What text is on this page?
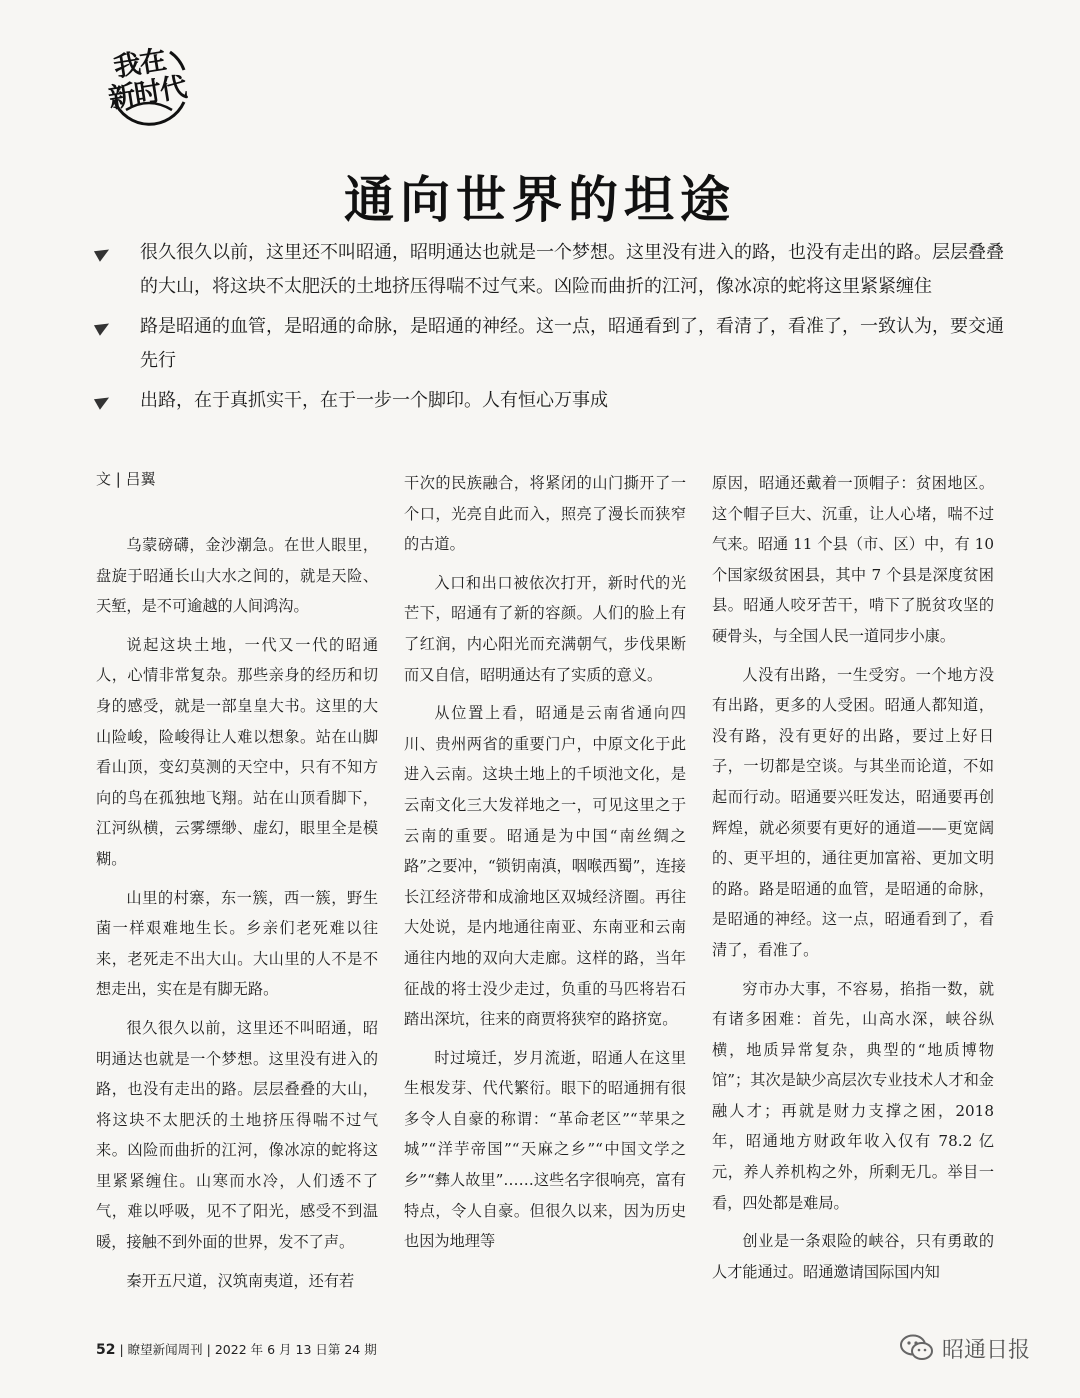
我在
新时代
通向世界的坦途
很久很久以前，这里还不叫昭通，昭明通达也就是一个梦想。这里没有进入的路，也没有走出的路。层层叠叠的大山，将这块不太肥沃的土地挤压得喘不过气来。凶险而曲折的江河，像冰凉的蛇将这里紧紧缠住
路是昭通的血管，是昭通的命脉，是昭通的神经。这一点，昭通看到了，看清了，看准了，一致认为，要交通先行
出路，在于真抓实干，在于一步一个脚印。人有恒心万事成
文 | 吕翼

乌蒙磅礴，金沙潮急。在世人眼里，盘旋于昭通长山大水之间的，就是天险、天堑，是不可逾越的人间鸿沟。

说起这块土地，一代又一代的昭通人，心情非常复杂。那些亲身的经历和切身的感受，就是一部皇皇大书。这里的大山险峻，险峻得让人难以想象。站在山脚看山顶，变幻莫测的天空中，只有不知方向的鸟在孤独地飞翔。站在山顶看脚下，江河纵横，云雾缥缈、虚幻，眼里全是模糊。

山里的村寨，东一簇，西一簇，野生菌一样艰难地生长。乡亲们老死难以往来，老死走不出大山。大山里的人不是不想走出，实在是有脚无路。

很久很久以前，这里还不叫昭通，昭明通达也就是一个梦想。这里没有进入的路，也没有走出的路。层层叠叠的大山，将这块不太肥沃的土地挤压得喘不过气来。凶险而曲折的江河，像冰凉的蛇将这里紧紧缠住。山寒而水冷，人们透不了气，难以呼吸，见不了阳光，感受不到温暖，接触不到外面的世界，发不了声。

秦开五尺道，汉筑南夷道，还有若

干次的民族融合，将紧闭的山门撕开了一个口，光亮自此而入，照亮了漫长而狭窄的古道。

入口和出口被依次打开，新时代的光芒下，昭通有了新的容颜。人们的脸上有了红润，内心阳光而充满朝气，步伐果断而又自信，昭明通达有了实质的意义。

从位置上看，昭通是云南省通向四川、贵州两省的重要门户，中原文化于此进入云南。这块土地上的千顷池文化，是云南文化三大发祥地之一，可见这里之于云南的重要。昭通是为中国“南丝绸之路”之要冲，“锁钥南滇，咽喉西蜀”，连接长江经济带和成渝地区双城经济圈。再往大处说，是内地通往南亚、东南亚和云南通往内地的双向大走廊。这样的路，当年征战的将士没少走过，负重的马匹将岩石踏出深坑，往来的商贾将狭窄的路挤宽。

时过境迁，岁月流逝，昭通人在这里生根发芽、代代繁衍。眼下的昭通拥有很多令人自豪的称谓：“革命老区”“苹果之城”“洋芋帝国”“天麻之乡”“中国文学之乡”“彝人故里”……这些名字很响亮，富有特点，令人自豪。但很久以来，因为历史也因为地理等

原因，昭通还戴着一顶帽子：贫困地区。这个帽子巨大、沉重，让人心堵，喘不过气来。昭通 11 个县（市、区）中，有 10 个国家级贫困县，其中 7 个县是深度贫困县。昭通人咬牙苦干，啃下了脱贫攻坚的硬骨头，与全国人民一道同步小康。

人没有出路，一生受穷。一个地方没有出路，更多的人受困。昭通人都知道，没有路，没有更好的出路，要过上好日子，一切都是空谈。与其坐而论道，不如起而行动。昭通要兴旺发达，昭通要再创辉煌，就必须要有更好的通道——更宽阔的、更平坦的，通往更加富裕、更加文明的路。路是昭通的血管，是昭通的命脉，是昭通的神经。这一点，昭通看到了，看清了，看准了。

穷市办大事，不容易，掐指一数，就有诸多困难：首先，山高水深，峡谷纵横，地质异常复杂，典型的“地质博物馆”；其次是缺少高层次专业技术人才和金融人才；再就是财力支撑之困，2018 年，昭通地方财政年收入仅有 78.2 亿元，养人养机构之外，所剩无几。举目一看，四处都是难局。

创业是一条艰险的峡谷，只有勇敢的人才能通过。昭通邀请国际国内知

52 | 瞭望新闻周刊 | 2022 年 6 月 13 日第 24 期	昭通日报
